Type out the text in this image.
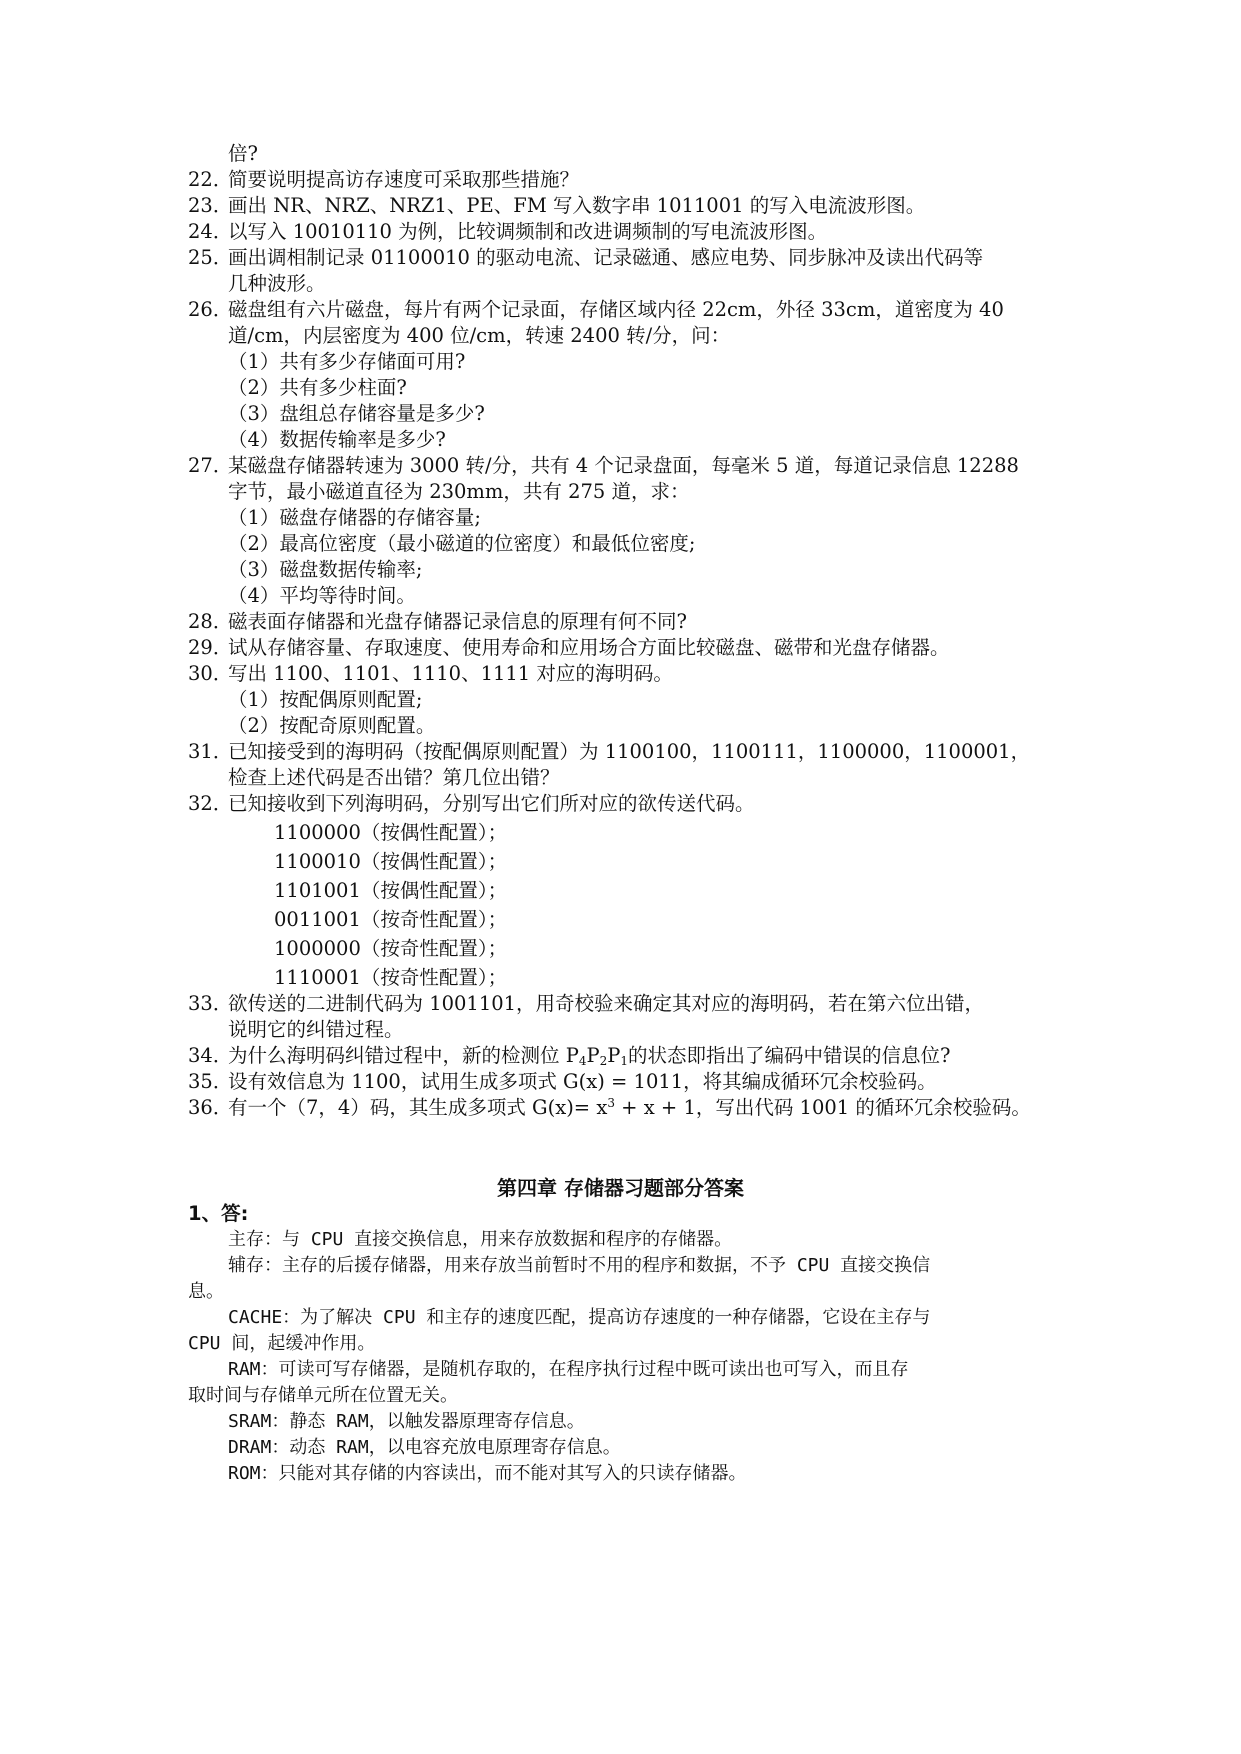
倍?
22．简要说明提高访存速度可采取那些措施？
23．画出 NR、NRZ、NRZ1、PE、FM 写入数字串 1011001 的写入电流波形图。
24．以写入 10010110 为例，比较调频制和改进调频制的写电流波形图。
25．画出调相制记录 01100010 的驱动电流、记录磁通、感应电势、同步脉冲及读出代码等
几种波形。
26．磁盘组有六片磁盘，每片有两个记录面，存储区域内径 22cm，外径 33cm，道密度为 40
道/cm，内层密度为 400 位/cm，转速 2400 转/分，问：
（1）共有多少存储面可用?
（2）共有多少柱面?
（3）盘组总存储容量是多少?
（4）数据传输率是多少?
27．某磁盘存储器转速为 3000 转/分，共有 4 个记录盘面，每毫米 5 道，每道记录信息 12288
字节，最小磁道直径为 230mm，共有 275 道，求：
（1）磁盘存储器的存储容量;
（2）最高位密度（最小磁道的位密度）和最低位密度;
（3）磁盘数据传输率;
（4）平均等待时间。
28．磁表面存储器和光盘存储器记录信息的原理有何不同?
29．试从存储容量、存取速度、使用寿命和应用场合方面比较磁盘、磁带和光盘存储器。
30．写出 1100、1101、1110、1111 对应的海明码。
（1）按配偶原则配置;
（2）按配奇原则配置。
31．已知接受到的海明码（按配偶原则配置）为 1100100，1100111，1100000，1100001，
检查上述代码是否出错？第几位出错？
32．已知接收到下列海明码，分别写出它们所对应的欲传送代码。
1100000（按偶性配置）；
1100010（按偶性配置）；
1101001（按偶性配置）；
0011001（按奇性配置）；
1000000（按奇性配置）；
1110001（按奇性配置）；
33．欲传送的二进制代码为 1001101，用奇校验来确定其对应的海明码，若在第六位出错，
说明它的纠错过程。
34．为什么海明码纠错过程中，新的检测位 $P_4P_2P_1$的状态即指出了编码中错误的信息位?
35．设有效信息为 1100，试用生成多项式 G(x) = 1011，将其编成循环冗余校验码。
36．有一个（7，4）码，其生成多项式 $G(x)= x^3 + x + 1$，写出代码 1001 的循环冗余校验码。
第四章 存储器习题部分答案
1、答:
主存：与 CPU 直接交换信息，用来存放数据和程序的存储器。
辅存：主存的后援存储器，用来存放当前暂时不用的程序和数据，不予 CPU 直接交换信
息。
CACHE：为了解决 CPU 和主存的速度匹配，提高访存速度的一种存储器，它设在主存与
CPU 间，起缓冲作用。
RAM：可读可写存储器，是随机存取的，在程序执行过程中既可读出也可写入，而且存
取时间与存储单元所在位置无关。
SRAM：静态 RAM，以触发器原理寄存信息。
DRAM：动态 RAM，以电容充放电原理寄存信息。
ROM：只能对其存储的内容读出，而不能对其写入的只读存储器。
